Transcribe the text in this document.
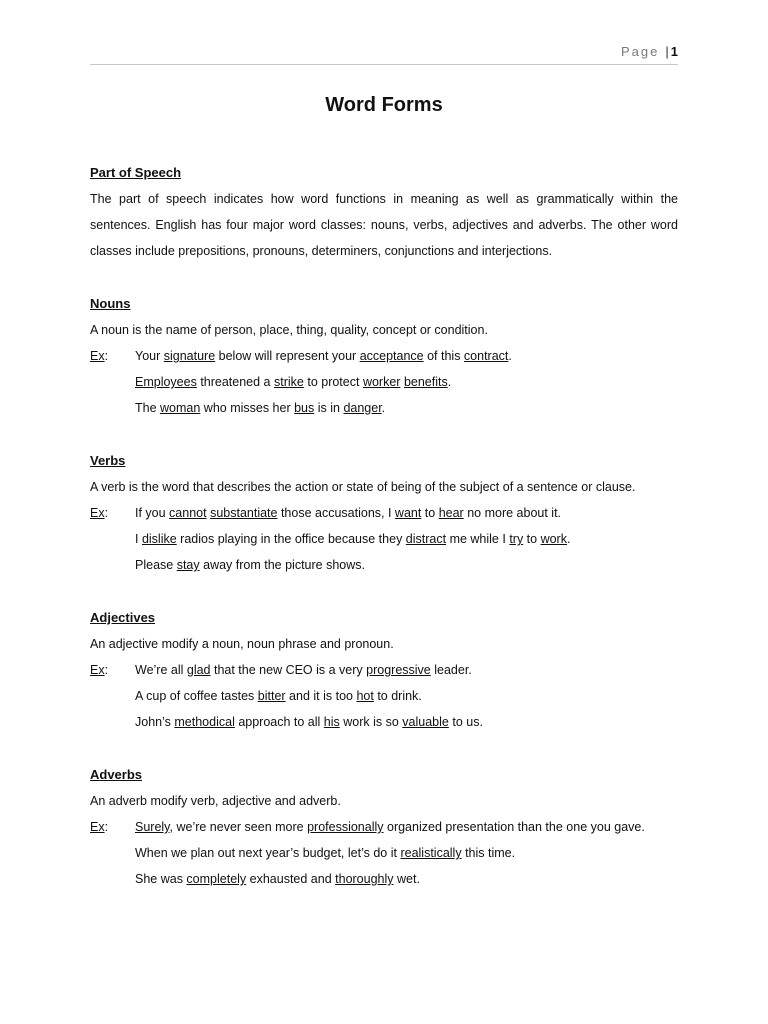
Page | 1
Word Forms

Part of Speech

The part of speech indicates how word functions in meaning as well as grammatically within the sentences. English has four major word classes: nouns, verbs, adjectives and adverbs. The other word classes include prepositions, pronouns, determiners, conjunctions and interjections.

Nouns

A noun is the name of person, place, thing, quality, concept or condition.

Ex:	Your signature below will represent your acceptance of this contract.
Employees threatened a strike to protect worker benefits.
The woman who misses her bus is in danger.

Verbs

A verb is the word that describes the action or state of being of the subject of a sentence or clause.

Ex:	If you cannot substantiate those accusations, I want to hear no more about it.
I dislike radios playing in the office because they distract me while I try to work.
Please stay away from the picture shows.

Adjectives

An adjective modify a noun, noun phrase and pronoun.

Ex:	We’re all glad that the new CEO is a very progressive leader.
A cup of coffee tastes bitter and it is too hot to drink.
John’s methodical approach to all his work is so valuable to us.

Adverbs

An adverb modify verb, adjective and adverb.

Ex:	Surely, we’re never seen more professionally organized presentation than the one you gave.
When we plan out next year’s budget, let’s do it realistically this time.
She was completely exhausted and thoroughly wet.
